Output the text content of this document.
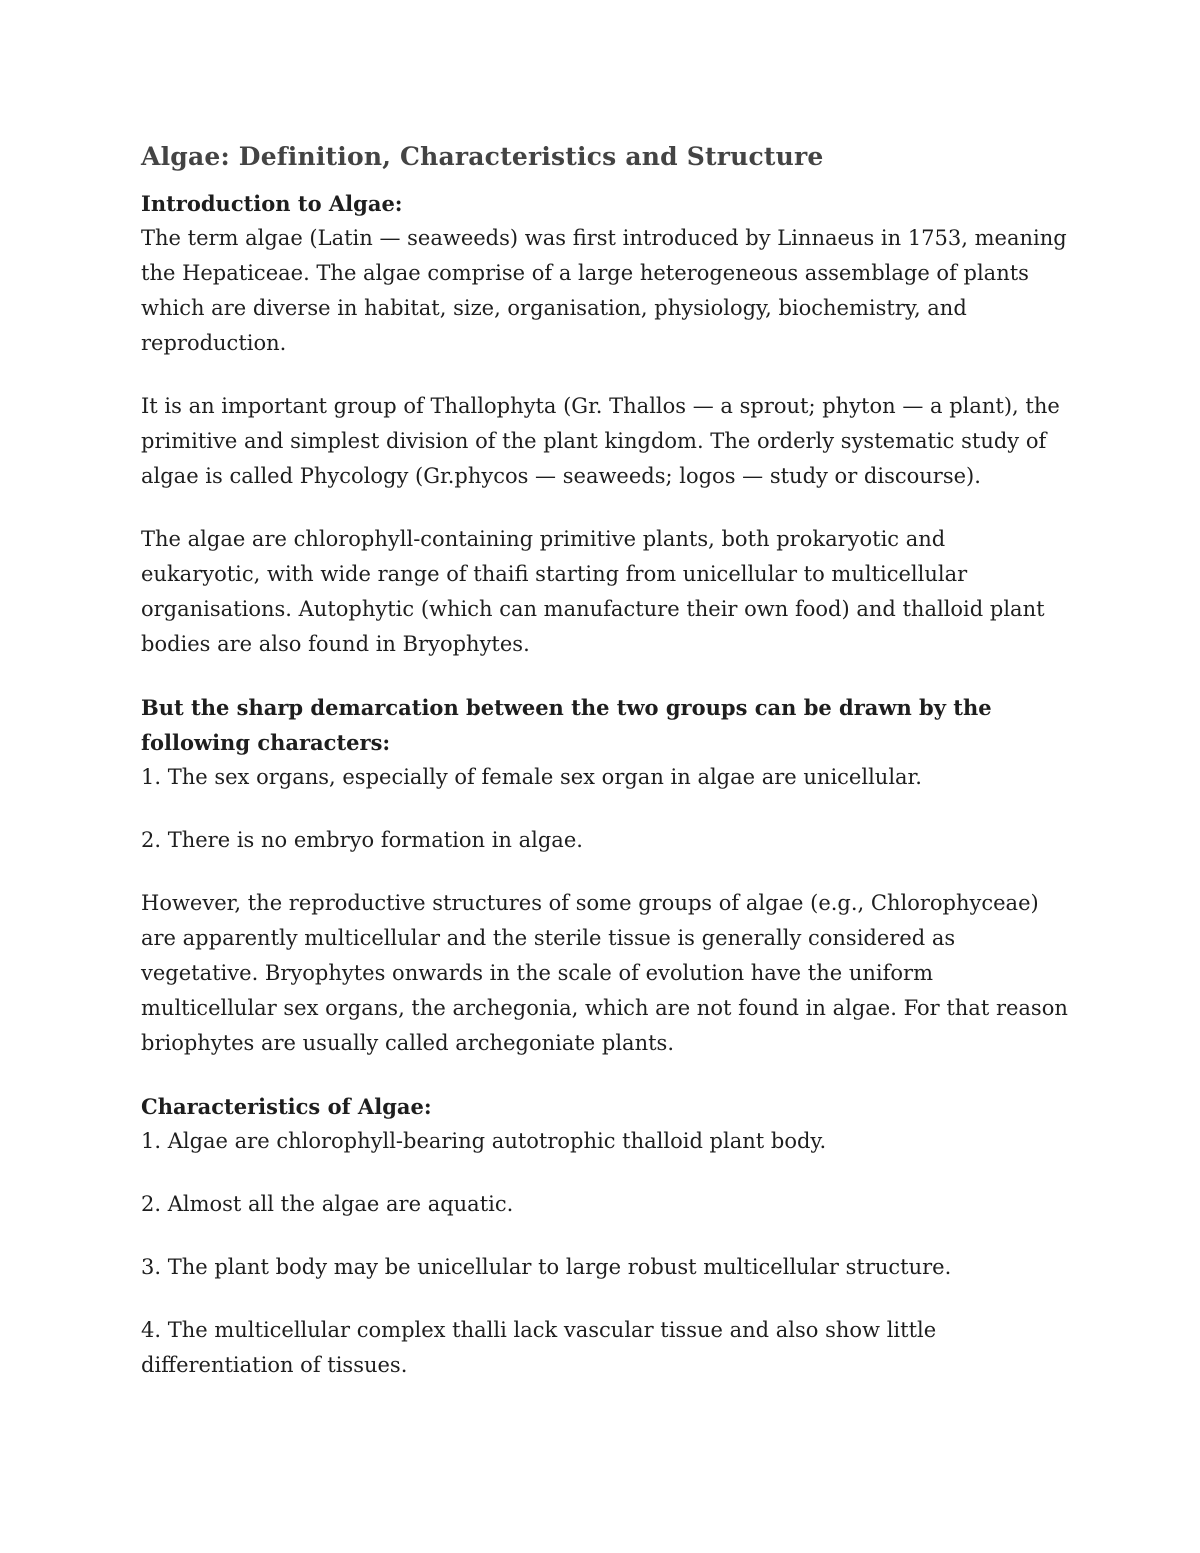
Algae: Definition, Characteristics and Structure
Introduction to Algae:

The term algae (Latin — seaweeds) was first introduced by Linnaeus in 1753, meaning the Hepaticeae. The algae comprise of a large heterogeneous assemblage of plants which are diverse in habitat, size, organisation, physiology, biochemistry, and reproduction.

It is an important group of Thallophyta (Gr. Thallos — a sprout; phyton — a plant), the primitive and simplest division of the plant kingdom. The orderly systematic study of algae is called Phycology (Gr.phycos — seaweeds; logos — study or discourse).

The algae are chlorophyll-containing primitive plants, both prokaryotic and eukaryotic, with wide range of thaifi starting from unicellular to multicellular organisations. Autophytic (which can manufacture their own food) and thalloid plant bodies are also found in Bryophytes.

But the sharp demarcation between the two groups can be drawn by the following characters:

1. The sex organs, especially of female sex organ in algae are unicellular.

2. There is no embryo formation in algae.

However, the reproductive structures of some groups of algae (e.g., Chlorophyceae) are apparently multicellular and the sterile tissue is generally considered as vegetative. Bryophytes onwards in the scale of evolution have the uniform multicellular sex organs, the archegonia, which are not found in algae. For that reason briophytes are usually called archegoniate plants.

Characteristics of Algae:

1. Algae are chlorophyll-bearing autotrophic thalloid plant body.

2. Almost all the algae are aquatic.

3. The plant body may be unicellular to large robust multicellular structure.

4. The multicellular complex thalli lack vascular tissue and also show little differentiation of tissues.
